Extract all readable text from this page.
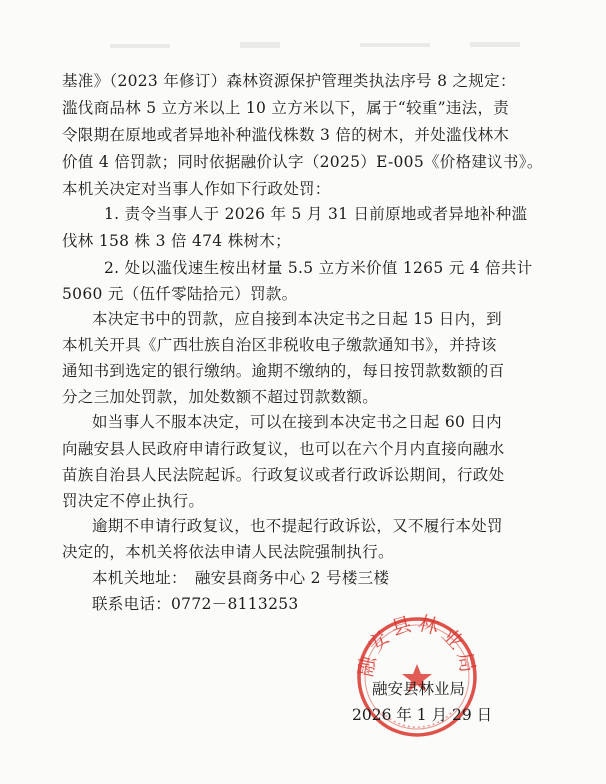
基准》（2023 年修订）森林资源保护管理类执法序号 8 之规定：
滥伐商品林 5 立方米以上 10 立方米以下，属于“较重”违法，责
令限期在原地或者异地补种滥伐株数 3 倍的树木，并处滥伐林木
价值 4 倍罚款；同时依据融价认字（2025）E-005《价格建议书》。
本机关决定对当事人作如下行政处罚：
1. 责令当事人于 2026 年 5 月 31 日前原地或者异地补种滥
伐林 158 株 3 倍 474 株树木；
2. 处以滥伐速生桉出材量 5.5 立方米价值 1265 元 4 倍共计
5060 元（伍仟零陆拾元）罚款。
本决定书中的罚款，应自接到本决定书之日起 15 日内，到
本机关开具《广西壮族自治区非税收电子缴款通知书》，并持该
通知书到选定的银行缴纳。逾期不缴纳的，每日按罚款数额的百
分之三加处罚款，加处数额不超过罚款数额。
如当事人不服本决定，可以在接到本决定书之日起 60 日内
向融安县人民政府申请行政复议，也可以在六个月内直接向融水
苗族自治县人民法院起诉。行政复议或者行政诉讼期间，行政处
罚决定不停止执行。
逾期不申请行政复议，也不提起行政诉讼，又不履行本处罚
决定的，本机关将依法申请人民法院强制执行。
本机关地址：　融安县商务中心 2 号楼三楼
联系电话：0772－8113253
融安县林业局
融安县林业局
2026 年 1 月 29 日
